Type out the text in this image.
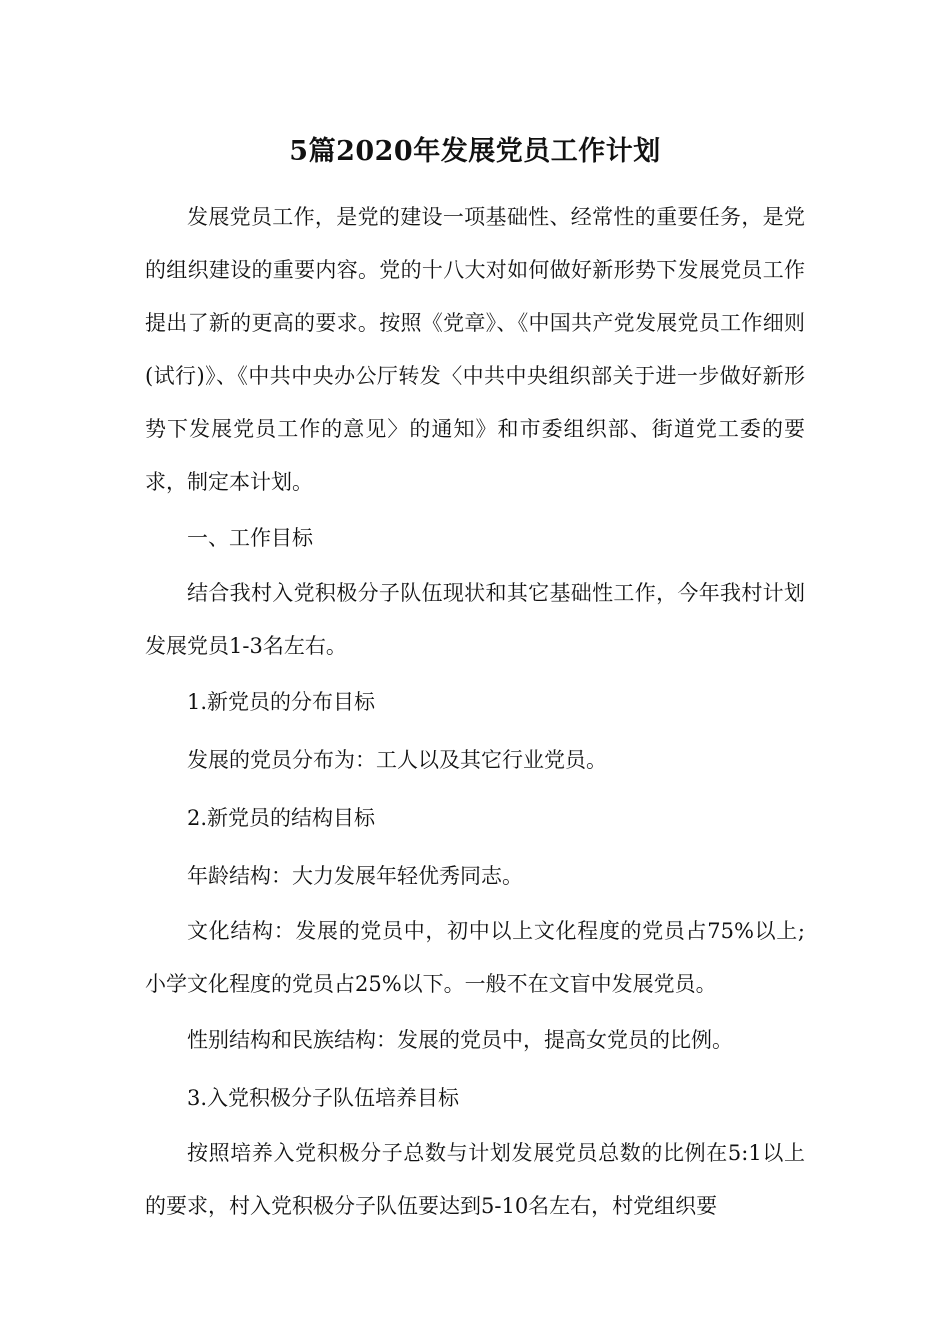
5篇2020年发展党员工作计划

发展党员工作，是党的建设一项基础性、经常性的重要任务，是党的组织建设的重要内容。党的十八大对如何做好新形势下发展党员工作提出了新的更高的要求。按照《党章》、《中国共产党发展党员工作细则(试行)》、《中共中央办公厅转发〈中共中央组织部关于进一步做好新形势下发展党员工作的意见〉的通知》和市委组织部、街道党工委的要求，制定本计划。

一、工作目标

结合我村入党积极分子队伍现状和其它基础性工作，今年我村计划发展党员1-3名左右。

1.新党员的分布目标

发展的党员分布为：工人以及其它行业党员。

2.新党员的结构目标

年龄结构：大力发展年轻优秀同志。

文化结构：发展的党员中，初中以上文化程度的党员占75%以上;小学文化程度的党员占25%以下。一般不在文盲中发展党员。

性别结构和民族结构：发展的党员中，提高女党员的比例。

3.入党积极分子队伍培养目标

按照培养入党积极分子总数与计划发展党员总数的比例在5:1以上的要求，村入党积极分子队伍要达到5-10名左右，村党组织要
